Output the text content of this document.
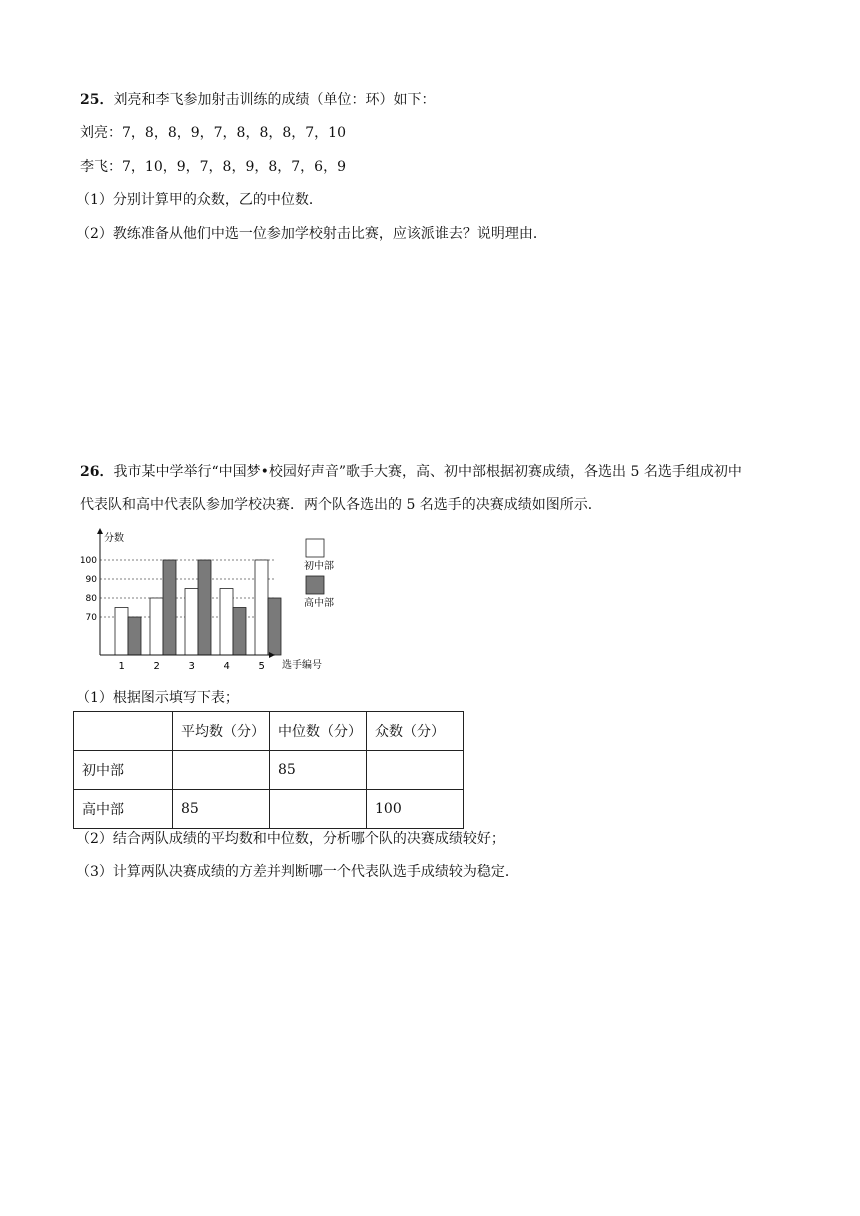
25．刘亮和李飞参加射击训练的成绩（单位：环）如下：
刘亮：7，8，8，9，7，8，8，8，7，10
李飞：7，10，9，7，8，9，8，7，6，9
（1）分别计算甲的众数，乙的中位数．
（2）教练准备从他们中选一位参加学校射击比赛，应该派谁去？说明理由．
26．我市某中学举行“中国梦•校园好声音”歌手大赛，高、初中部根据初赛成绩，各选出 5 名选手组成初中
代表队和高中代表队参加学校决赛．两个队各选出的 5 名选手的决赛成绩如图所示．
70
80
90
100
1	2	3	4	5
分数
选手编号
初中部
高中部
（1）根据图示填写下表；
	平均数（分）	中位数（分）	众数（分）
初中部		85	
高中部	85		100
（2）结合两队成绩的平均数和中位数，分析哪个队的决赛成绩较好；
（3）计算两队决赛成绩的方差并判断哪一个代表队选手成绩较为稳定．
